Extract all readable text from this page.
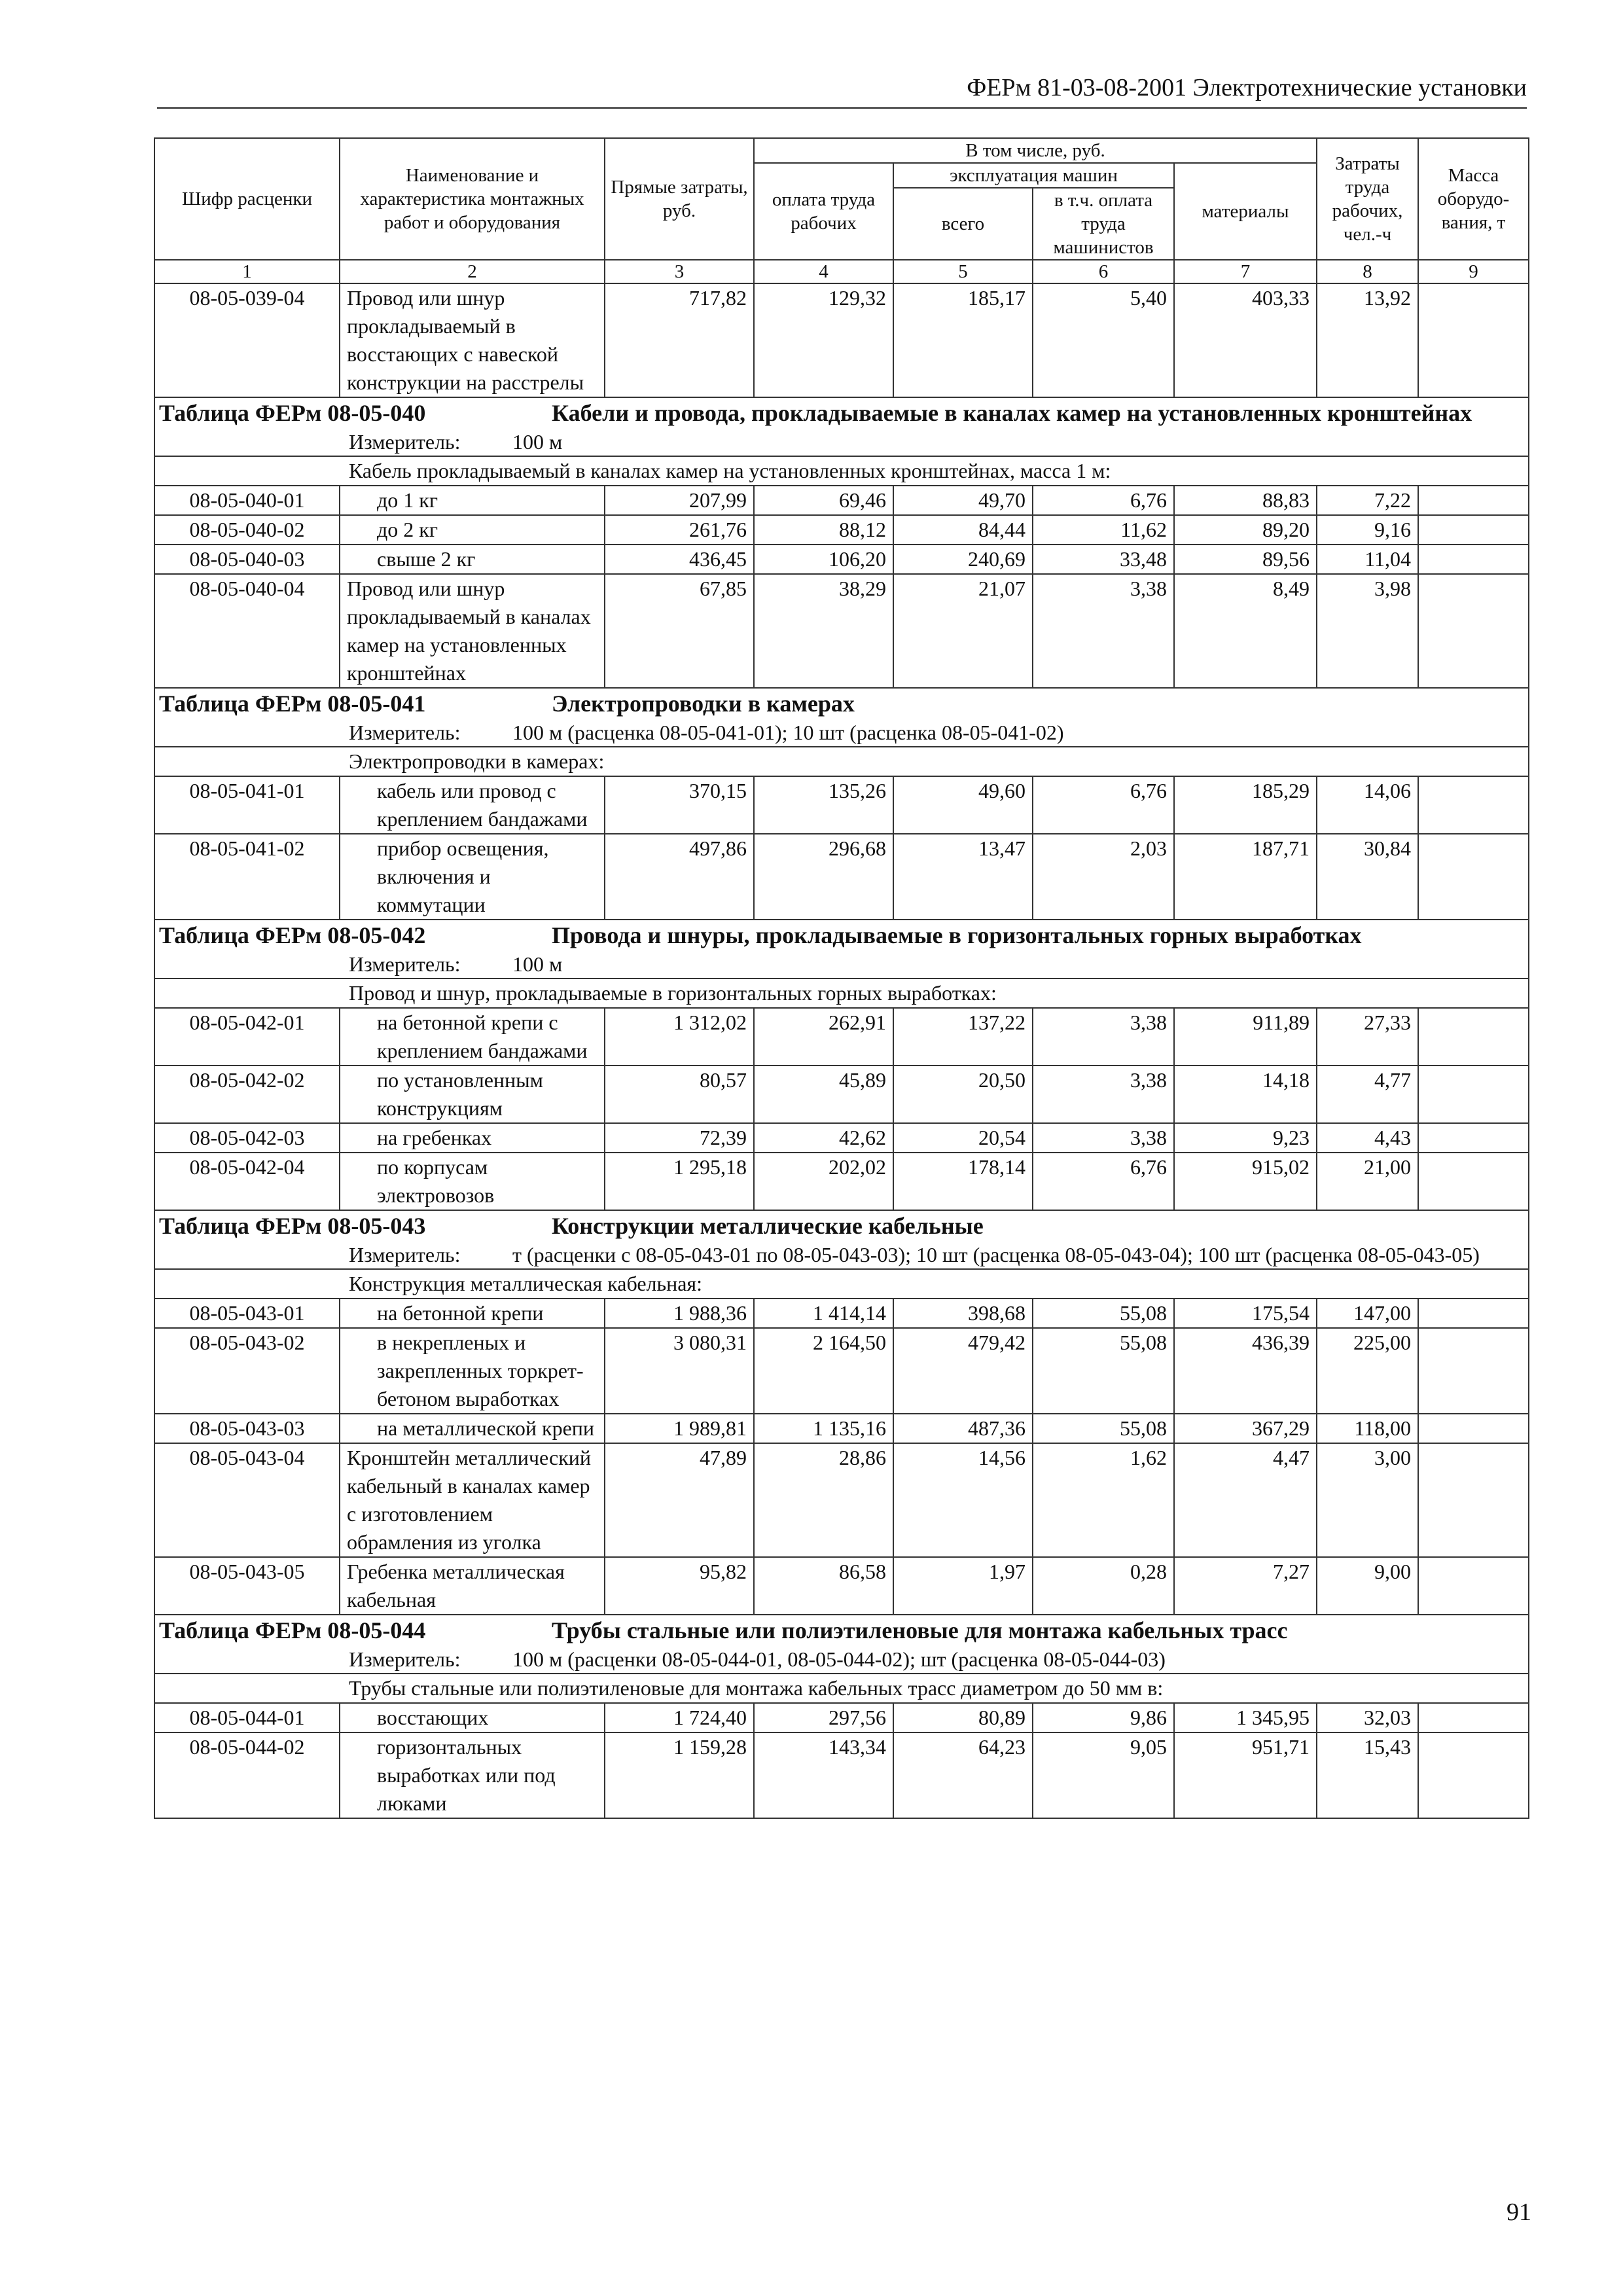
ФЕРм 81-03-08-2001 Электротехнические установки
Шифр расценки	Наименование и характеристика монтажных работ и оборудования	Прямые затраты, руб.	В том числе, руб.				Затраты труда рабочих, чел.-ч	Масса оборудо-вания, т
			оплата труда рабочих	эксплуатация машин		материалы		
				всего	в т.ч. оплата труда машинистов			
1	2	3	4	5	6	7	8	9
08-05-039-04	Провод или шнур прокладываемый в восстающих с навеской конструкции на расстрелы	717,82	129,32	185,17	5,40	403,33	13,92	

Таблица ФЕРм 08-05-040 Кабели и провода, прокладываемые в каналах камер на установленных кронштейнах								

Измеритель: 100 м								

Кабель прокладываемый в каналах камер на установленных кронштейнах, масса 1 м:								
08-05-040-01	до 1 кг	207,99	69,46	49,70	6,76	88,83	7,22	
08-05-040-02	до 2 кг	261,76	88,12	84,44	11,62	89,20	9,16	
08-05-040-03	свыше 2 кг	436,45	106,20	240,69	33,48	89,56	11,04	
08-05-040-04	Провод или шнур прокладываемый в каналах камер на установленных кронштейнах	67,85	38,29	21,07	3,38	8,49	3,98	

Таблица ФЕРм 08-05-041 Электропроводки в камерах								

Измеритель: 100 м (расценка 08-05-041-01); 10 шт (расценка 08-05-041-02)								

Электропроводки в камерах:								
08-05-041-01	кабель или провод с креплением бандажами	370,15	135,26	49,60	6,76	185,29	14,06	
08-05-041-02	прибор освещения, включения и коммутации	497,86	296,68	13,47	2,03	187,71	30,84	

Таблица ФЕРм 08-05-042 Провода и шнуры, прокладываемые в горизонтальных горных выработках								

Измеритель: 100 м								

Провод и шнур, прокладываемые в горизонтальных горных выработках:								
08-05-042-01	на бетонной крепи с креплением бандажами	1 312,02	262,91	137,22	3,38	911,89	27,33	
08-05-042-02	по установленным конструкциям	80,57	45,89	20,50	3,38	14,18	4,77	
08-05-042-03	на гребенках	72,39	42,62	20,54	3,38	9,23	4,43	
08-05-042-04	по корпусам электровозов	1 295,18	202,02	178,14	6,76	915,02	21,00	

Таблица ФЕРм 08-05-043 Конструкции металлические кабельные								

Измеритель: т (расценки с 08-05-043-01 по 08-05-043-03); 10 шт (расценка 08-05-043-04); 100 шт (расценка 08-05-043-05)								

Конструкция металлическая кабельная:								
08-05-043-01	на бетонной крепи	1 988,36	1 414,14	398,68	55,08	175,54	147,00	
08-05-043-02	в некрепленых и закрепленных торкрет-бетоном выработках	3 080,31	2 164,50	479,42	55,08	436,39	225,00	
08-05-043-03	на металлической крепи	1 989,81	1 135,16	487,36	55,08	367,29	118,00	
08-05-043-04	Кронштейн металлический кабельный в каналах камер с изготовлением обрамления из уголка	47,89	28,86	14,56	1,62	4,47	3,00	
08-05-043-05	Гребенка металлическая кабельная	95,82	86,58	1,97	0,28	7,27	9,00	

Таблица ФЕРм 08-05-044 Трубы стальные или полиэтиленовые для монтажа кабельных трасс								

Измеритель: 100 м (расценки 08-05-044-01, 08-05-044-02); шт (расценка 08-05-044-03)								

Трубы стальные или полиэтиленовые для монтажа кабельных трасс диаметром до 50 мм в:								
08-05-044-01	восстающих	1 724,40	297,56	80,89	9,86	1 345,95	32,03	
08-05-044-02	горизонтальных выработках или под люками	1 159,28	143,34	64,23	9,05	951,71	15,43	
91
